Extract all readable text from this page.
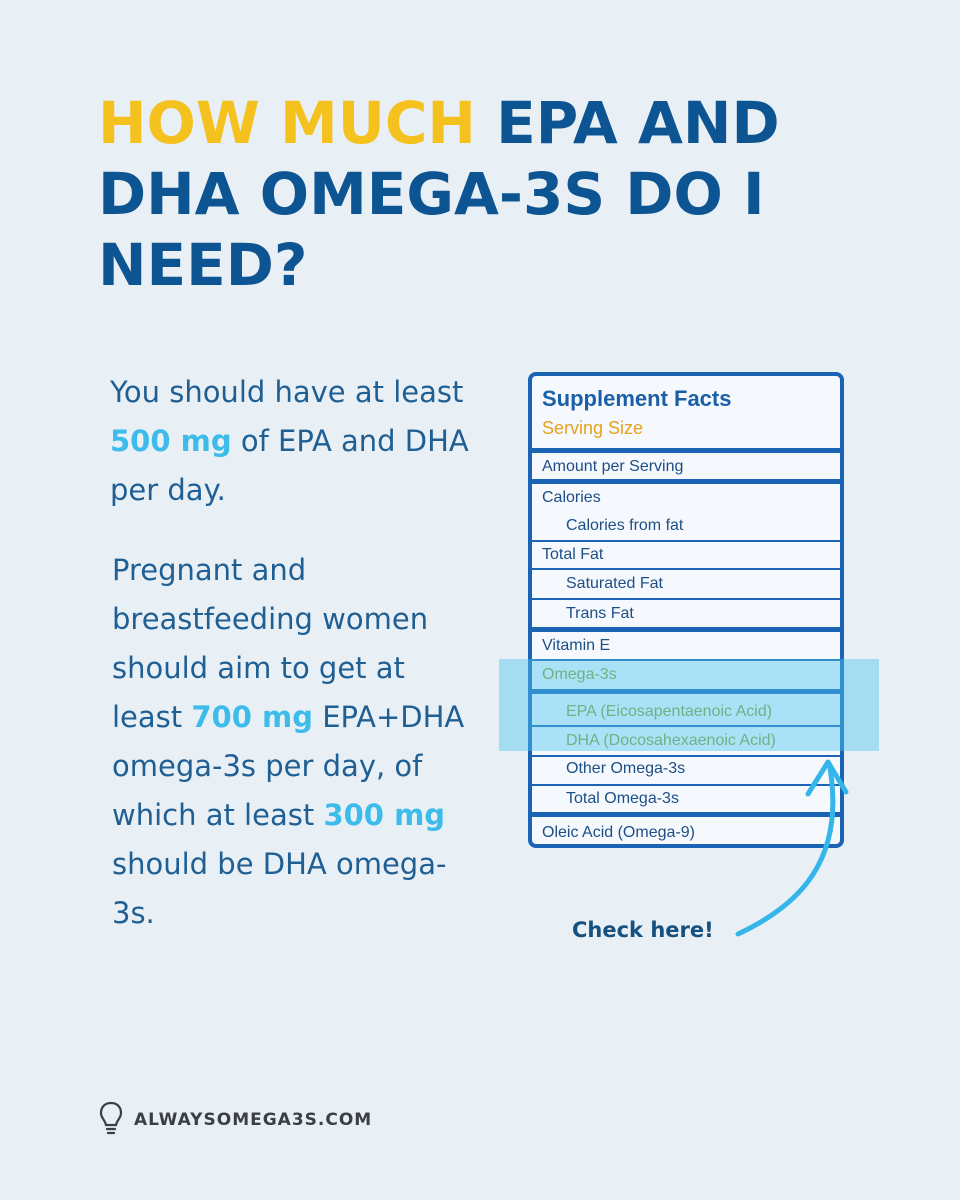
HOW MUCH EPA AND DHA OMEGA-3S DO I NEED?

You should have at least 500 mg of EPA and DHA per day.

Pregnant and breastfeeding women should aim to get at least 700 mg EPA+DHA omega-3s per day, of which at least 300 mg should be DHA omega-3s.

Supplement Facts
Serving Size
Amount per Serving
Calories
Calories from fat
Total Fat
Saturated Fat
Trans Fat
Vitamin E
Omega-3s
EPA (Eicosapentaenoic Acid)
DHA (Docosahexaenoic Acid)
Other Omega-3s
Total Omega-3s
Oleic Acid (Omega-9)

Check here!

ALWAYSOMEGA3S.COM
